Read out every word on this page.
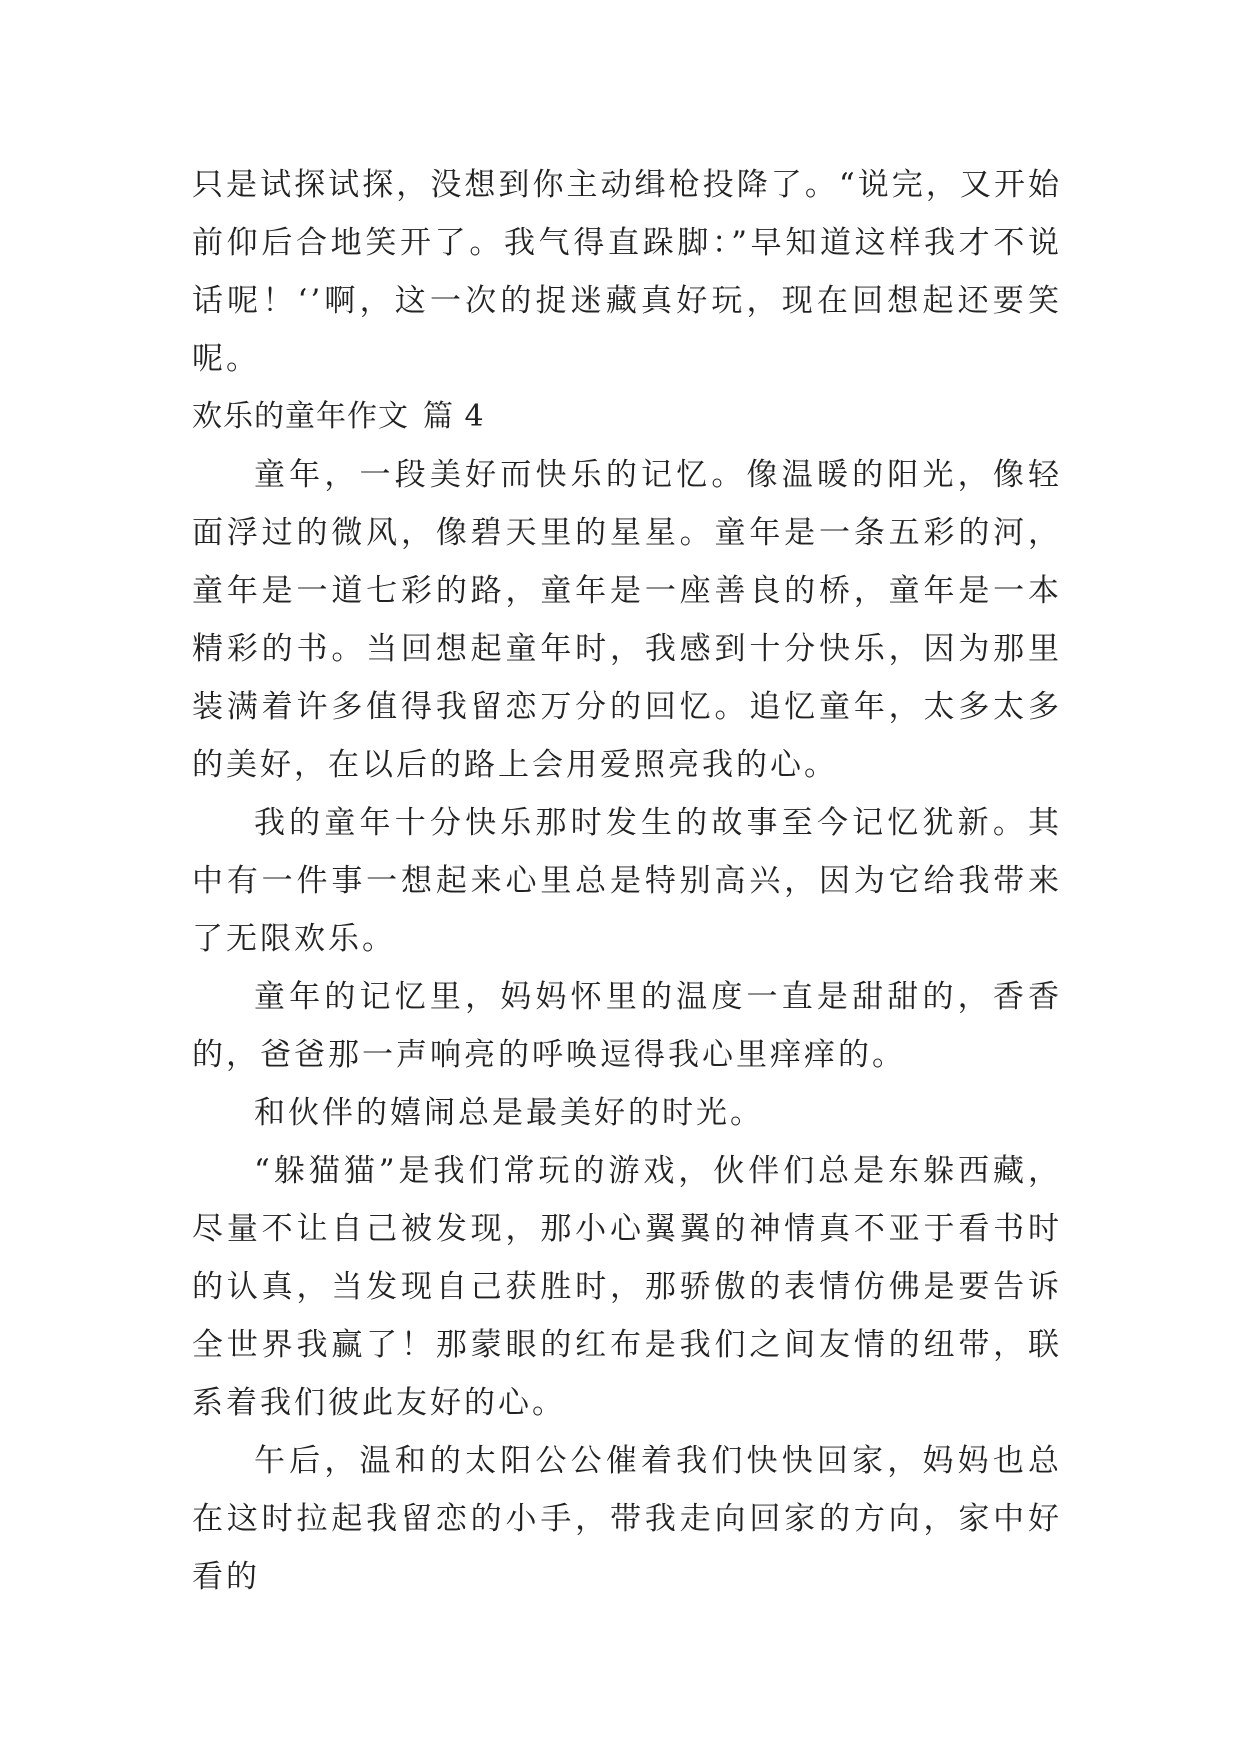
只是试探试探，没想到你主动缉枪投降了。“说完，又开始前仰后合地笑开了。我气得直跺脚：”早知道这样我才不说话呢！‘’啊，这一次的捉迷藏真好玩，现在回想起还要笑呢。

欢乐的童年作文 篇 4

童年，一段美好而快乐的记忆。像温暖的阳光，像轻面浮过的微风，像碧天里的星星。童年是一条五彩的河，童年是一道七彩的路，童年是一座善良的桥，童年是一本精彩的书。当回想起童年时，我感到十分快乐，因为那里装满着许多值得我留恋万分的回忆。追忆童年，太多太多的美好，在以后的路上会用爱照亮我的心。

我的童年十分快乐那时发生的故事至今记忆犹新。其中有一件事一想起来心里总是特别高兴，因为它给我带来了无限欢乐。

童年的记忆里，妈妈怀里的温度一直是甜甜的，香香的，爸爸那一声响亮的呼唤逗得我心里痒痒的。

和伙伴的嬉闹总是最美好的时光。

“躲猫猫”是我们常玩的游戏，伙伴们总是东躲西藏，尽量不让自己被发现，那小心翼翼的神情真不亚于看书时的认真，当发现自己获胜时，那骄傲的表情仿佛是要告诉全世界我赢了！那蒙眼的红布是我们之间友情的纽带，联系着我们彼此友好的心。

午后，温和的太阳公公催着我们快快回家，妈妈也总在这时拉起我留恋的小手，带我走向回家的方向，家中好看的
